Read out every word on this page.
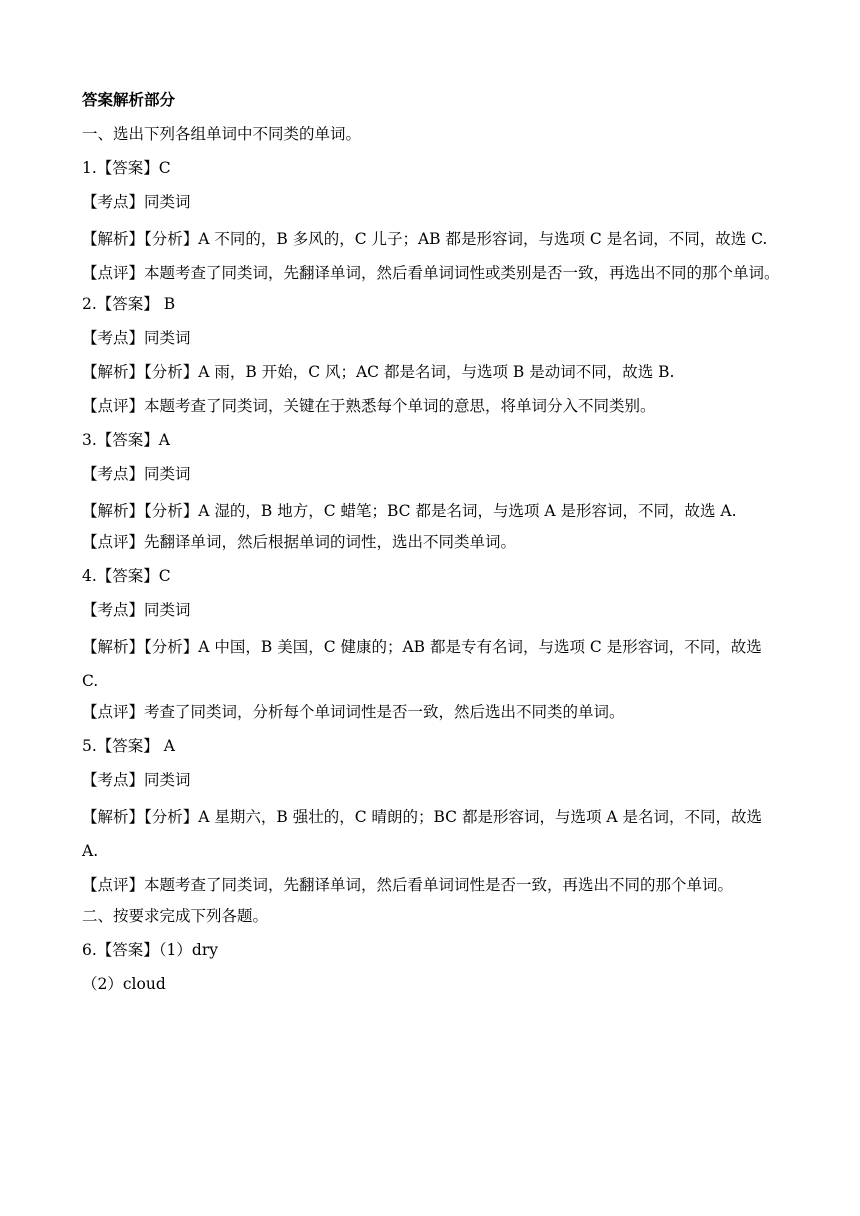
答案解析部分
一、选出下列各组单词中不同类的单词。
1.【答案】C
【考点】同类词
【解析】【分析】A 不同的，B 多风的，C 儿子；AB 都是形容词，与选项 C 是名词，不同，故选 C.
【点评】本题考查了同类词，先翻译单词，然后看单词词性或类别是否一致，再选出不同的那个单词。
2.【答案】 B
【考点】同类词
【解析】【分析】A 雨，B 开始，C 风；AC 都是名词，与选项 B 是动词不同，故选 B.
【点评】本题考查了同类词，关键在于熟悉每个单词的意思，将单词分入不同类别。
3.【答案】A
【考点】同类词
【解析】【分析】A 湿的，B 地方，C 蜡笔；BC 都是名词，与选项 A 是形容词，不同，故选 A.
【点评】先翻译单词，然后根据单词的词性，选出不同类单词。
4.【答案】C
【考点】同类词
【解析】【分析】A 中国，B 美国，C 健康的；AB 都是专有名词，与选项 C 是形容词，不同，故选 C.
【点评】考查了同类词，分析每个单词词性是否一致，然后选出不同类的单词。
5.【答案】 A
【考点】同类词
【解析】【分析】A 星期六，B 强壮的，C 晴朗的；BC 都是形容词，与选项 A 是名词，不同，故选 A.
【点评】本题考查了同类词，先翻译单词，然后看单词词性是否一致，再选出不同的那个单词。
二、按要求完成下列各题。
6.【答案】（1）dry
（2）cloud
